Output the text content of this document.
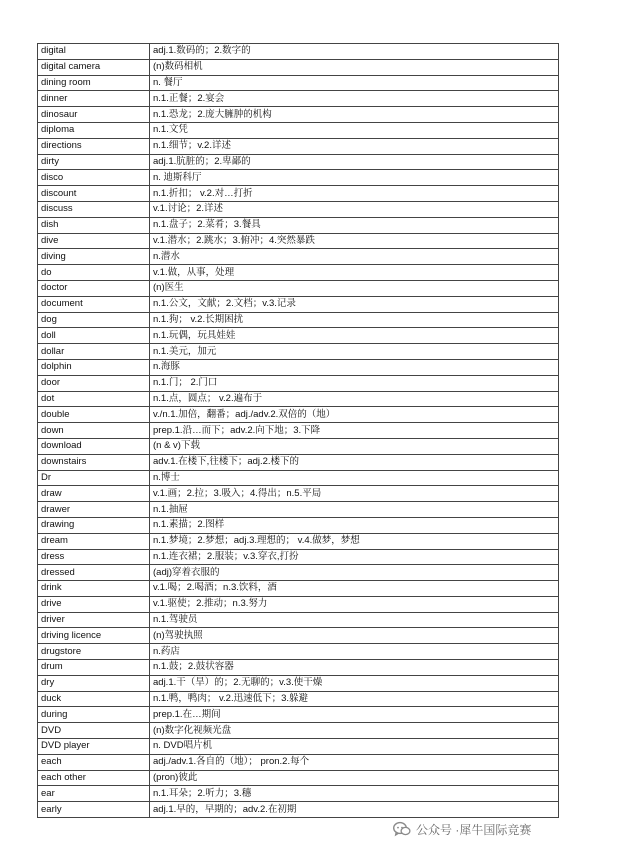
digital	adj.1.数码的；2.数字的
digital camera	(n)数码相机
dining room	n. 餐厅
dinner	n.1.正餐；2.宴会
dinosaur	n.1.恐龙；2.庞大臃肿的机构
diploma	n.1.文凭
directions	n.1.细节；v.2.详述
dirty	adj.1.肮脏的；2.卑鄙的
disco	n. 迪斯科厅
discount	n.1.折扣； v.2.对…打折
discuss	v.1.讨论；2.详述
dish	n.1.盘子；2.菜肴；3.餐具
dive	v.1.潜水；2.跳水；3.俯冲；4.突然暴跌
diving	n.潜水
do	v.1.做，从事，处理
doctor	(n)医生
document	n.1.公文，文献；2.文档；v.3.记录
dog	n.1.狗； v.2.长期困扰
doll	n.1.玩偶，玩具娃娃
dollar	n.1.美元，加元
dolphin	n.海豚
door	n.1.门； 2.门口
dot	n.1.点，圆点； v.2.遍布于
double	v./n.1.加倍，翻番；adj./adv.2.双倍的（地）
down	prep.1.沿…而下；adv.2.向下地；3.下降
download	(n & v)下载
downstairs	adv.1.在楼下,往楼下；adj.2.楼下的
Dr	n.博士
draw	v.1.画；2.拉；3.吸入；4.得出；n.5.平局
drawer	n.1.抽屉
drawing	n.1.素描；2.图样
dream	n.1.梦境；2.梦想；adj.3.理想的； v.4.做梦，梦想
dress	n.1.连衣裙；2.服装；v.3.穿衣,打扮
dressed	(adj)穿着衣服的
drink	v.1.喝；2.喝酒；n.3.饮料，酒
drive	v.1.驱使；2.推动；n.3.努力
driver	n.1.驾驶员
driving licence	(n)驾驶执照
drugstore	n.药店
drum	n.1.鼓；2.鼓状容器
dry	adj.1.干（旱）的；2.无聊的；v.3.使干燥
duck	n.1.鸭，鸭肉； v.2.迅速低下；3.躲避
during	prep.1.在…期间
DVD	(n)数字化视频光盘
DVD player	n. DVD唱片机
each	adj./adv.1.各自的（地）； pron.2.每个
each other	(pron)彼此
ear	n.1.耳朵；2.听力；3.穗
early	adj.1.早的，早期的；adv.2.在初期
公众号 · 犀牛国际竞赛
